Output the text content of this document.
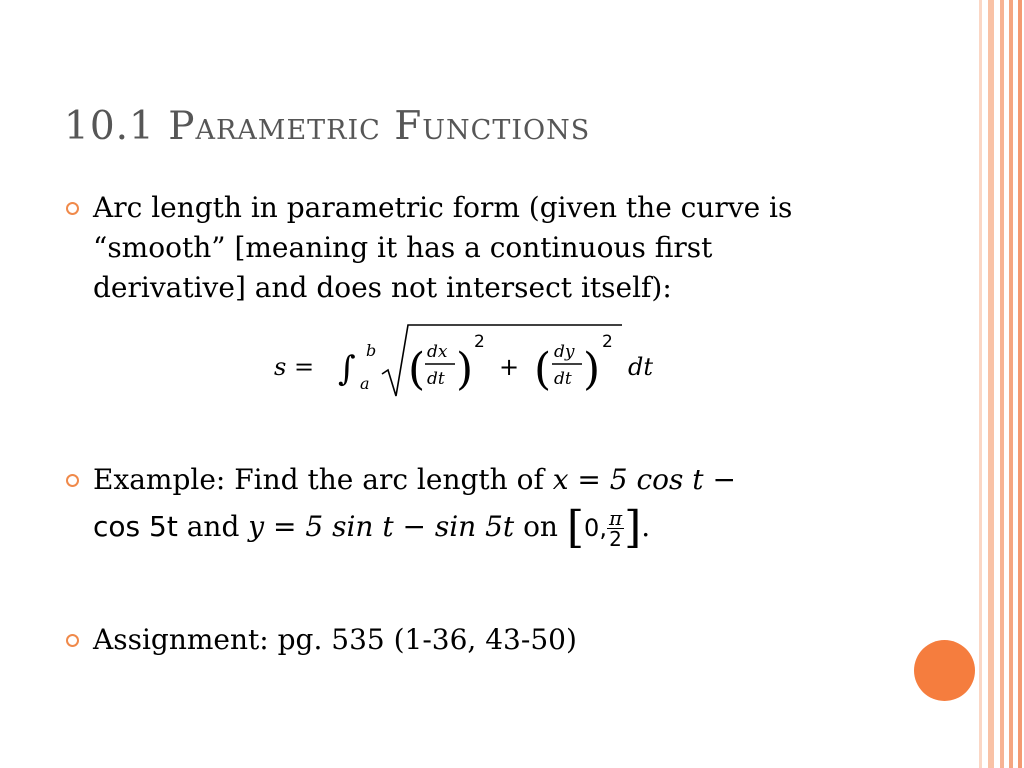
10.1 Parametric Functions
Arc length in parametric form (given the curve is
“smooth” [meaning it has a continuous first
derivative] and does not intersect itself):
s = ∫ b
a ( dx
dt )
2
+ ( dy
dt )
2
dt
Example: Find the arc length of x = 5 cos t −
cos 5t and y = 5 sin t − sin 5t on [0, $\frac{\pi}{2}$ ].
Assignment: pg. 535 (1-36, 43-50)
